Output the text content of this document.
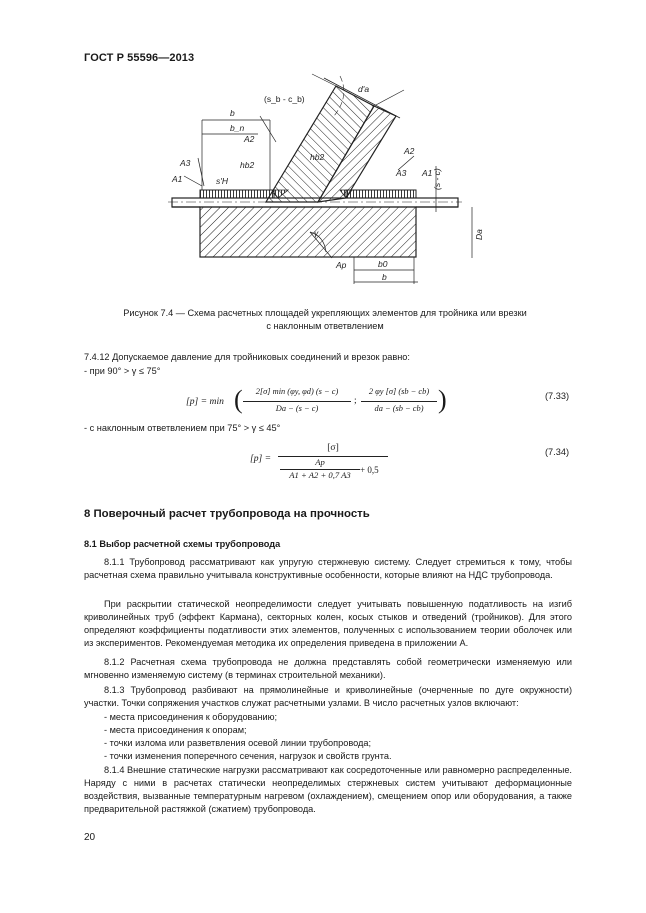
ГОСТ Р 55596—2013
(s_b - c_b)
d'a
b
b_n
A2
A2
A3
A3
A1
A1
hb2
hb2
s'H	(s - c)
γ
Ap	b0
b
Da
Рисунок 7.4 — Схема расчетных площадей укрепляющих элементов для тройника или врезки
с наклонным ответвлением
7.4.12 Допускаемое давление для тройниковых соединений и врезок равно:
- при 90° > γ ≤ 75°
[p] = min (	2[σ] min (φy, φd) (s − c)
Da − (s − c)
;
2 φy [σ] (sb − cb)
da − (sb − cb) )	(7.33)
- с наклонным ответвлением при 75° > γ ≤ 45°
[p] =
[σ]
Ap
A1 + A2 + 0,7 A3	+ 0,5
(7.34)
8 Поверочный расчет трубопровода на прочность
8.1 Выбор расчетной схемы трубопровода
8.1.1 Трубопровод рассматривают как упругую стержневую систему. Следует стремиться к тому, чтобы расчетная схема правильно учитывала конструктивные особенности, которые влияют на НДС трубопровода.
При раскрытии статической неопределимости следует учитывать повышенную податливость на изгиб криволинейных труб (эффект Кармана), секторных колен, косых стыков и отведений (тройников). Для этого определяют коэффициенты податливости этих элементов, полученных с использованием теории оболочек или из экспериментов. Рекомендуемая методика их определения приведена в приложении А.
8.1.2 Расчетная схема трубопровода не должна представлять собой геометрически изменяемую или мгновенно изменяемую систему (в терминах строительной механики).
8.1.3 Трубопровод разбивают на прямолинейные и криволинейные (очерченные по дуге окружности) участки. Точки сопряжения участков служат расчетными узлами. В число расчетных узлов включают:
- места присоединения к оборудованию;
- места присоединения к опорам;
- точки излома или разветвления осевой линии трубопровода;
- точки изменения поперечного сечения, нагрузок и свойств грунта.
8.1.4 Внешние статические нагрузки рассматривают как сосредоточенные или равномерно распределенные. Наряду с ними в расчетах статически неопределимых стержневых систем учитывают деформационные воздействия, вызванные температурным нагревом (охлаждением), смещением опор или оборудования, а также предварительной растяжкой (сжатием) трубопровода.
20
